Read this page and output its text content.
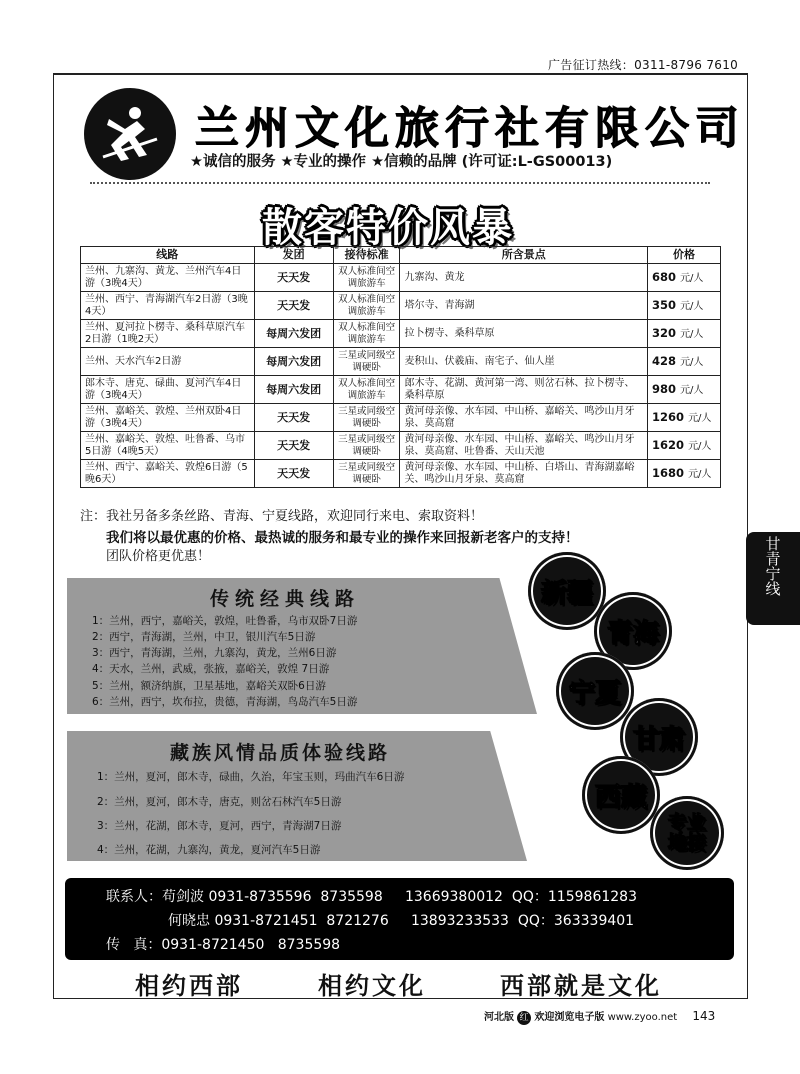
广告征订热线：0311-8796 7610
兰州文化旅行社有限公司
★诚信的服务 ★专业的操作 ★信赖的品牌 (许可证:L-GS00013)
散客特价风暴
线路	发团	接待标准	所含景点	价格
兰州、九寨沟、黄龙、兰州汽车4日游（3晚4天）	天天发	双人标准间空调旅游车	九寨沟、黄龙	680 元/人
兰州、西宁、青海湖汽车2日游（3晚4天）	天天发	双人标准间空调旅游车	塔尔寺、青海湖	350 元/人
兰州、夏河拉卜楞寺、桑科草原汽车2日游（1晚2天）	每周六发团	双人标准间空调旅游车	拉卜楞寺、桑科草原	320 元/人
兰州、天水汽车2日游	每周六发团	三星或同级空调硬卧	麦积山、伏羲庙、南宅子、仙人崖	428 元/人
郎木寺、唐克、碌曲、夏河汽车4日游（3晚4天）	每周六发团	双人标准间空调旅游车	郎木寺、花湖、黄河第一湾、则岔石林、拉卜楞寺、桑科草原	980 元/人
兰州、嘉峪关、敦煌、兰州双卧4日游（3晚4天）	天天发	三星或同级空调硬卧	黄河母亲像、水车园、中山桥、嘉峪关、鸣沙山月牙泉、莫高窟	1260 元/人
兰州、嘉峪关、敦煌、吐鲁番、乌市5日游（4晚5天）	天天发	三星或同级空调硬卧	黄河母亲像、水车园、中山桥、嘉峪关、鸣沙山月牙泉、莫高窟、吐鲁番、天山天池	1620 元/人
兰州、西宁、嘉峪关、敦煌6日游（5晚6天）	天天发	三星或同级空调硬卧	黄河母亲像、水车园、中山桥、白塔山、青海湖嘉峪关、鸣沙山月牙泉、莫高窟	1680 元/人
注：我社另备多条丝路、青海、宁夏线路，欢迎同行来电、索取资料！
我们将以最优惠的价格、最热诚的服务和最专业的操作来回报新老客户的支持！
团队价格更优惠！
传统经典线路
1：兰州，西宁，嘉峪关，敦煌，吐鲁番，乌市双卧7日游
2：西宁，青海湖，兰州，中卫，银川汽车5日游
3：西宁，青海湖，兰州，九寨沟，黄龙，兰州6日游
4：天水，兰州，武威，张掖，嘉峪关，敦煌 7日游
5：兰州，额济纳旗，卫星基地，嘉峪关双卧6日游
6：兰州，西宁，坎布拉，贵德，青海湖，鸟岛汽车5日游
藏族风情品质体验线路
1：兰州，夏河，郎木寺，碌曲，久治，年宝玉则，玛曲汽车6日游
2：兰州，夏河，郎木寺，唐克，则岔石林汽车5日游
3：兰州，花湖，郎木寺，夏河，西宁，青海湖7日游
4：兰州，花湖，九寨沟，黄龙，夏河汽车5日游
甘
青
宁
线
新疆
青海
宁夏
甘肃
西藏
专业地接
联系人：苟剑波 0931-8735596  8735598     13669380012  QQ：1159861283
何晓忠 0931-8721451  8721276     13893233533  QQ：363339401
传   真：0931-8721450   8735598
相约西部	相约文化	西部就是文化
河北版 红 欢迎浏览电子版 www.zyoo.net 143
